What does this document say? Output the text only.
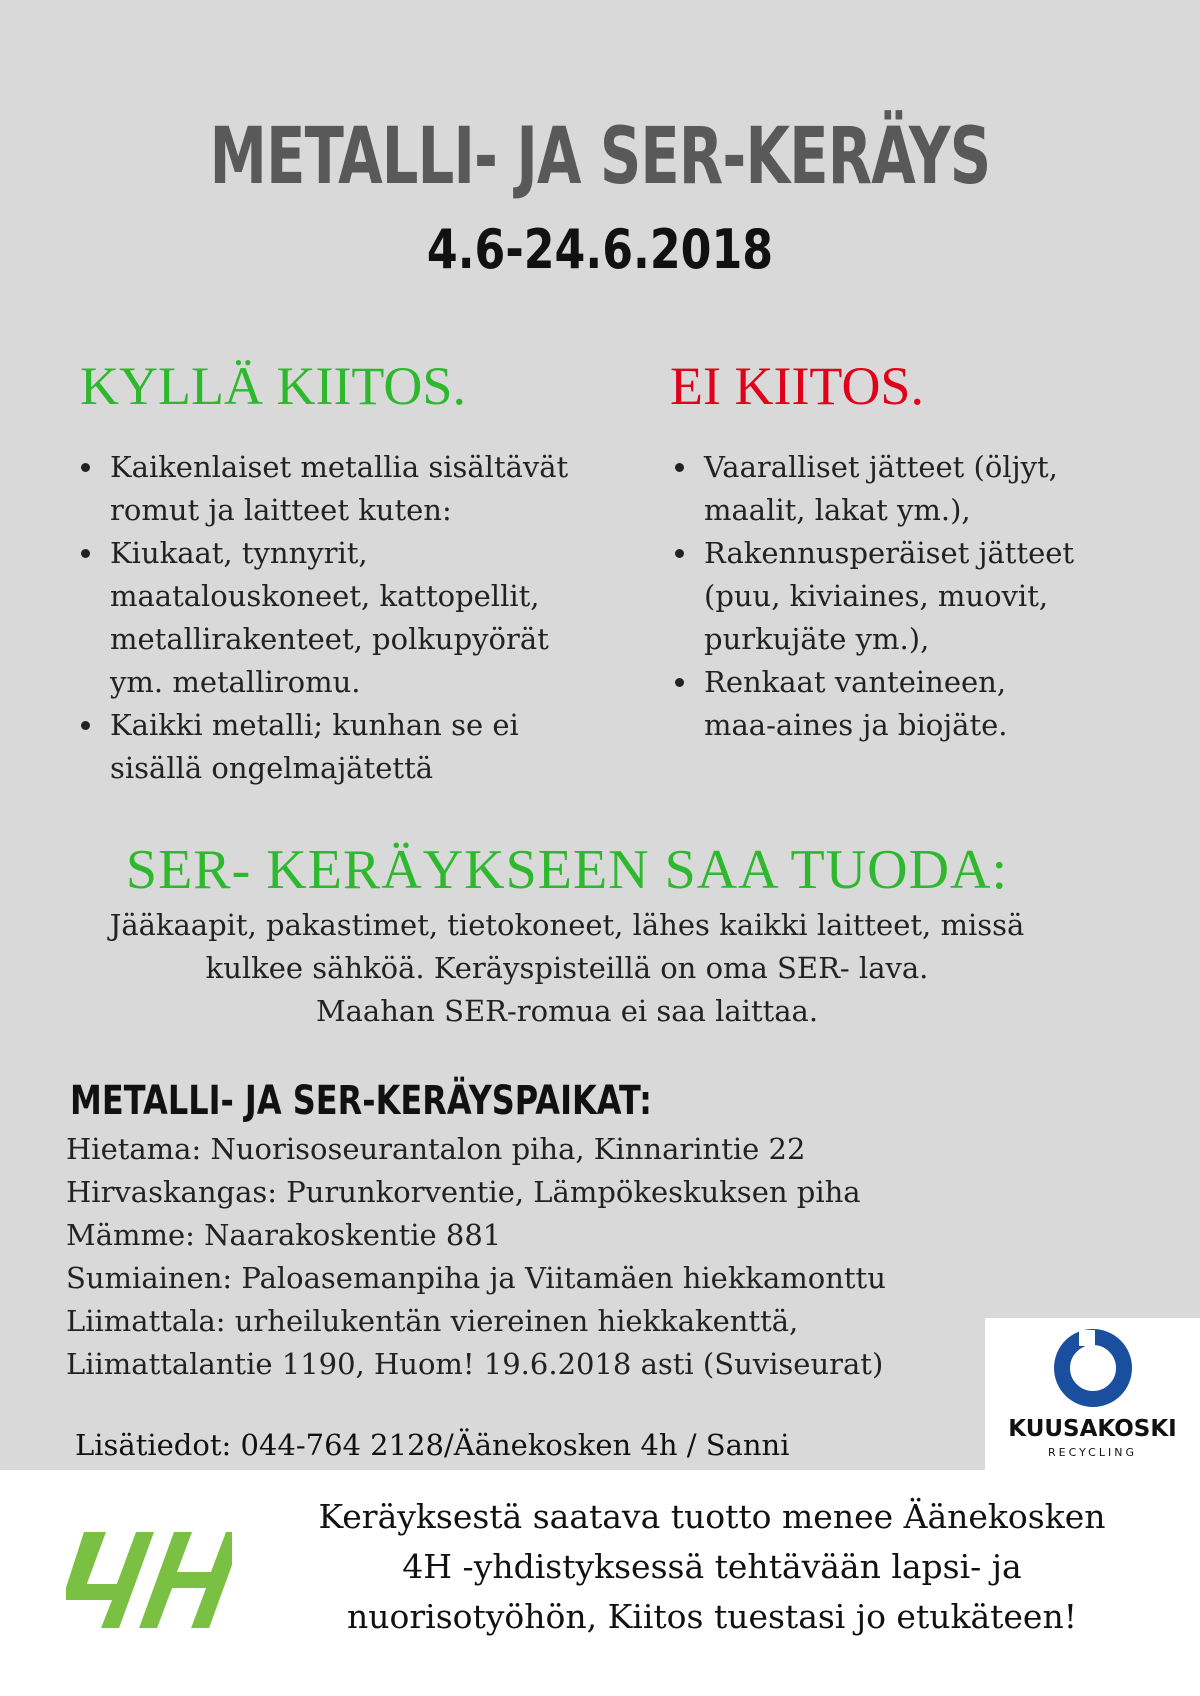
METALLI- JA SER-KERÄYS
4.6-24.6.2018
KYLLÄ KIITOS.	EI KIITOS.
• Kaikenlaiset metallia sisältävät
romut ja laitteet kuten:
• Kiukaat, tynnyrit,
maatalouskoneet, kattopellit,
metallirakenteet, polkupyörät
ym. metalliromu.
• Kaikki metalli; kunhan se ei
sisällä ongelmajätettä
• Vaaralliset jätteet (öljyt,
maalit, lakat ym.),
• Rakennusperäiset jätteet
(puu, kiviaines, muovit,
purkujäte ym.),
• Renkaat vanteineen,
maa-aines ja biojäte.
SER- KERÄYKSEEN SAA TUODA:
Jääkaapit, pakastimet, tietokoneet, lähes kaikki laitteet, missä
kulkee sähköä. Keräyspisteillä on oma SER- lava.
Maahan SER-romua ei saa laittaa.
METALLI- JA SER-KERÄYSPAIKAT:
Hietama: Nuorisoseurantalon piha, Kinnarintie 22
Hirvaskangas: Purunkorventie, Lämpökeskuksen piha
Mämme: Naarakoskentie 881
Sumiainen: Paloasemanpiha ja Viitamäen hiekkamonttu
Liimattala: urheilukentän viereinen hiekkakenttä,
Liimattalantie 1190, Huom! 19.6.2018 asti (Suviseurat)
Lisätiedot: 044-764 2128/Äänekosken 4h / Sanni	KUUSAKOSKI
RECYCLING
Keräyksestä saatava tuotto menee Äänekosken
4H -yhdistyksessä tehtävään lapsi- ja
nuorisotyöhön, Kiitos tuestasi jo etukäteen!
